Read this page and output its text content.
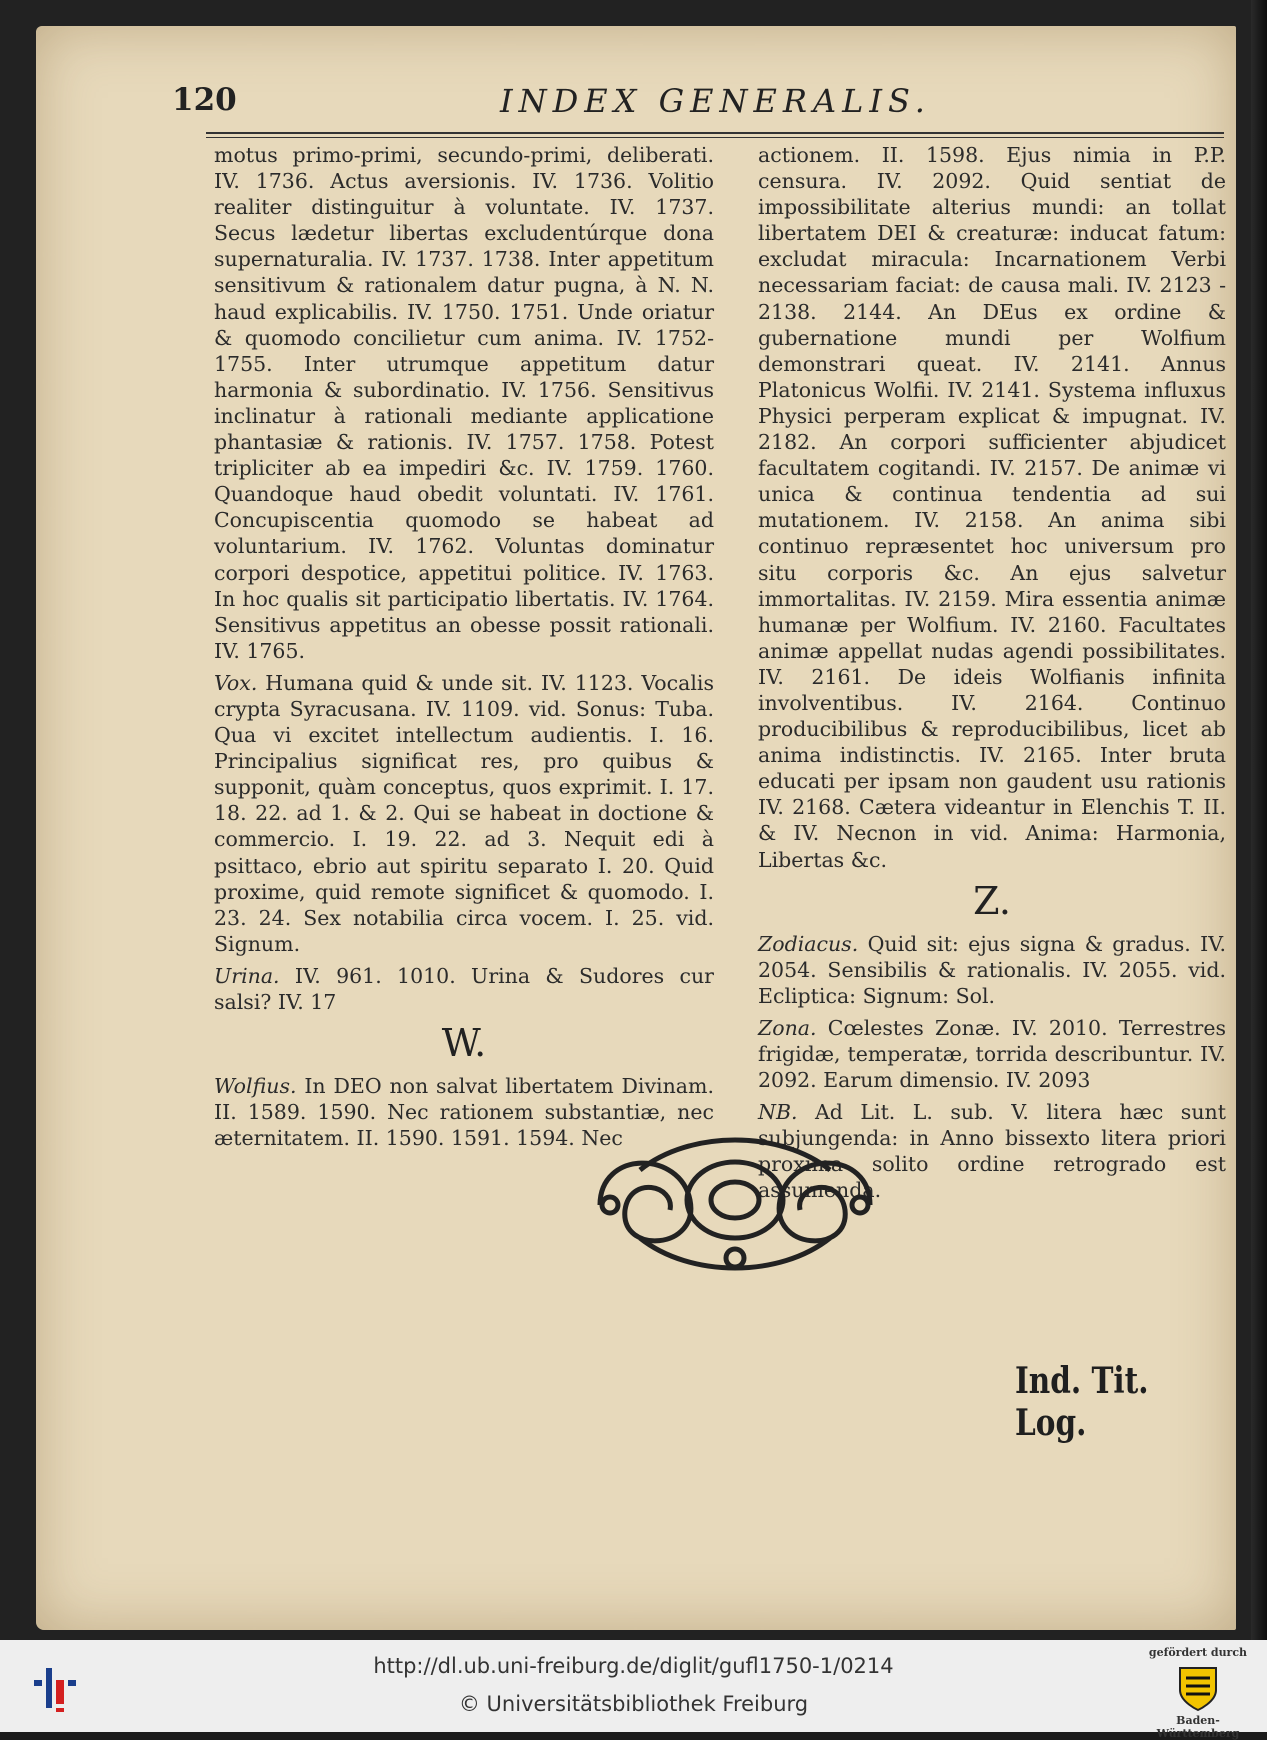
120	INDEX GENERALIS.

motus primo-primi, secundo-primi, deliberati. IV. 1736. Actus aversionis. IV. 1736. Volitio realiter distinguitur à voluntate. IV. 1737. Secus lædetur libertas excludentúrque dona supernaturalia. IV. 1737. 1738. Inter appetitum sensitivum & rationalem datur pugna, à N. N. haud explicabilis. IV. 1750. 1751. Unde oriatur & quomodo concilietur cum anima. IV. 1752-1755. Inter utrumque appetitum datur harmonia & subordinatio. IV. 1756. Sensitivus inclinatur à rationali mediante applicatione phantasiæ & rationis. IV. 1757. 1758. Potest tripliciter ab ea impediri &c. IV. 1759. 1760. Quandoque haud obedit voluntati. IV. 1761. Concupiscentia quomodo se habeat ad voluntarium. IV. 1762. Voluntas dominatur corpori despotice, appetitui politice. IV. 1763. In hoc qualis sit participatio libertatis. IV. 1764. Sensitivus appetitus an obesse possit rationali. IV. 1765.

Vox. Humana quid & unde sit. IV. 1123. Vocalis crypta Syracusana. IV. 1109. vid. Sonus: Tuba. Qua vi excitet intellectum audientis. I. 16. Principalius significat res, pro quibus & supponit, quàm conceptus, quos exprimit. I. 17. 18. 22. ad 1. & 2. Qui se habeat in doctione & commercio. I. 19. 22. ad 3. Nequit edi à psittaco, ebrio aut spiritu separato I. 20. Quid proxime, quid remote significet & quomodo. I. 23. 24. Sex notabilia circa vocem. I. 25. vid. Signum.

Urina. IV. 961. 1010. Urina & Sudores cur salsi? IV. 17

W.

Wolfius. In DEO non salvat libertatem Divinam. II. 1589. 1590. Nec rationem substantiæ, nec æternitatem. II. 1590. 1591. 1594. Nec

actionem. II. 1598. Ejus nimia in P.P. censura. IV. 2092. Quid sentiat de impossibilitate alterius mundi: an tollat libertatem DEI & creaturæ: inducat fatum: excludat miracula: Incarnationem Verbi necessariam faciat: de causa mali. IV. 2123 - 2138. 2144. An DEus ex ordine & gubernatione mundi per Wolfium demonstrari queat. IV. 2141. Annus Platonicus Wolfii. IV. 2141. Systema influxus Physici perperam explicat & impugnat. IV. 2182. An corpori sufficienter abjudicet facultatem cogitandi. IV. 2157. De animæ vi unica & continua tendentia ad sui mutationem. IV. 2158. An anima sibi continuo repræsentet hoc universum pro situ corporis &c. An ejus salvetur immortalitas. IV. 2159. Mira essentia animæ humanæ per Wolfium. IV. 2160. Facultates animæ appellat nudas agendi possibilitates. IV. 2161. De ideis Wolfianis infinita involventibus. IV. 2164. Continuo producibilibus & reproducibilibus, licet ab anima indistinctis. IV. 2165. Inter bruta educati per ipsam non gaudent usu rationis IV. 2168. Cætera videantur in Elenchis T. II. & IV. Necnon in vid. Anima: Harmonia, Libertas &c.

Z.

Zodiacus. Quid sit: ejus signa & gradus. IV. 2054. Sensibilis & rationalis. IV. 2055. vid. Ecliptica: Signum: Sol.

Zona. Cœlestes Zonæ. IV. 2010. Terrestres frigidæ, temperatæ, torrida describuntur. IV. 2092. Earum dimensio. IV. 2093

NB. Ad Lit. L. sub. V. litera hæc sunt subjungenda: in Anno bissexto litera priori proxima solito ordine retrogrado est assumenda.

Ind. Tit. Log.
http://dl.ub.uni-freiburg.de/diglit/gufl1750-1/0214
© Universitätsbibliothek Freiburg
gefördert durch
Baden-Württemberg
